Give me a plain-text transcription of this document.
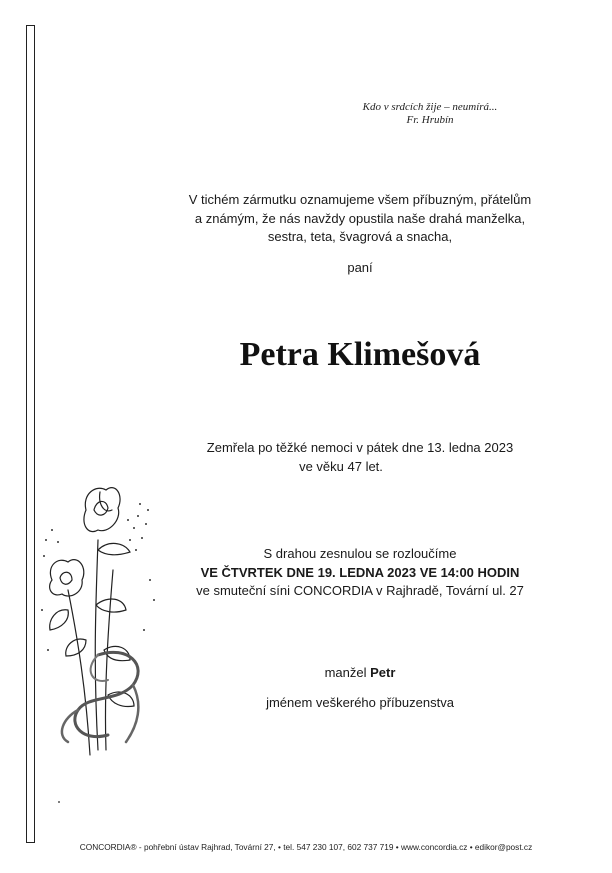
Kdo v srdcích žije – neumírá...
Fr. Hrubín
V tichém zármutku oznamujeme všem příbuzným, přátelům
a známým, že nás navždy opustila naše drahá manželka,
sestra, teta, švagrová a snacha,
paní
Petra Klimešová
Zemřela po těžké nemoci v pátek dne 13. ledna 2023
ve věku 47 let.
S drahou zesnulou se rozloučíme
VE ČTVRTEK DNE 19. LEDNA 2023 VE 14:00 HODIN
ve smuteční síni CONCORDIA v Rajhradě, Tovární ul. 27
manžel Petr
jménem veškerého příbuzenstva
CONCORDIA® - pohřební ústav Rajhrad, Tovární 27, • tel. 547 230 107, 602 737 719 • www.concordia.cz • edikor@post.cz
